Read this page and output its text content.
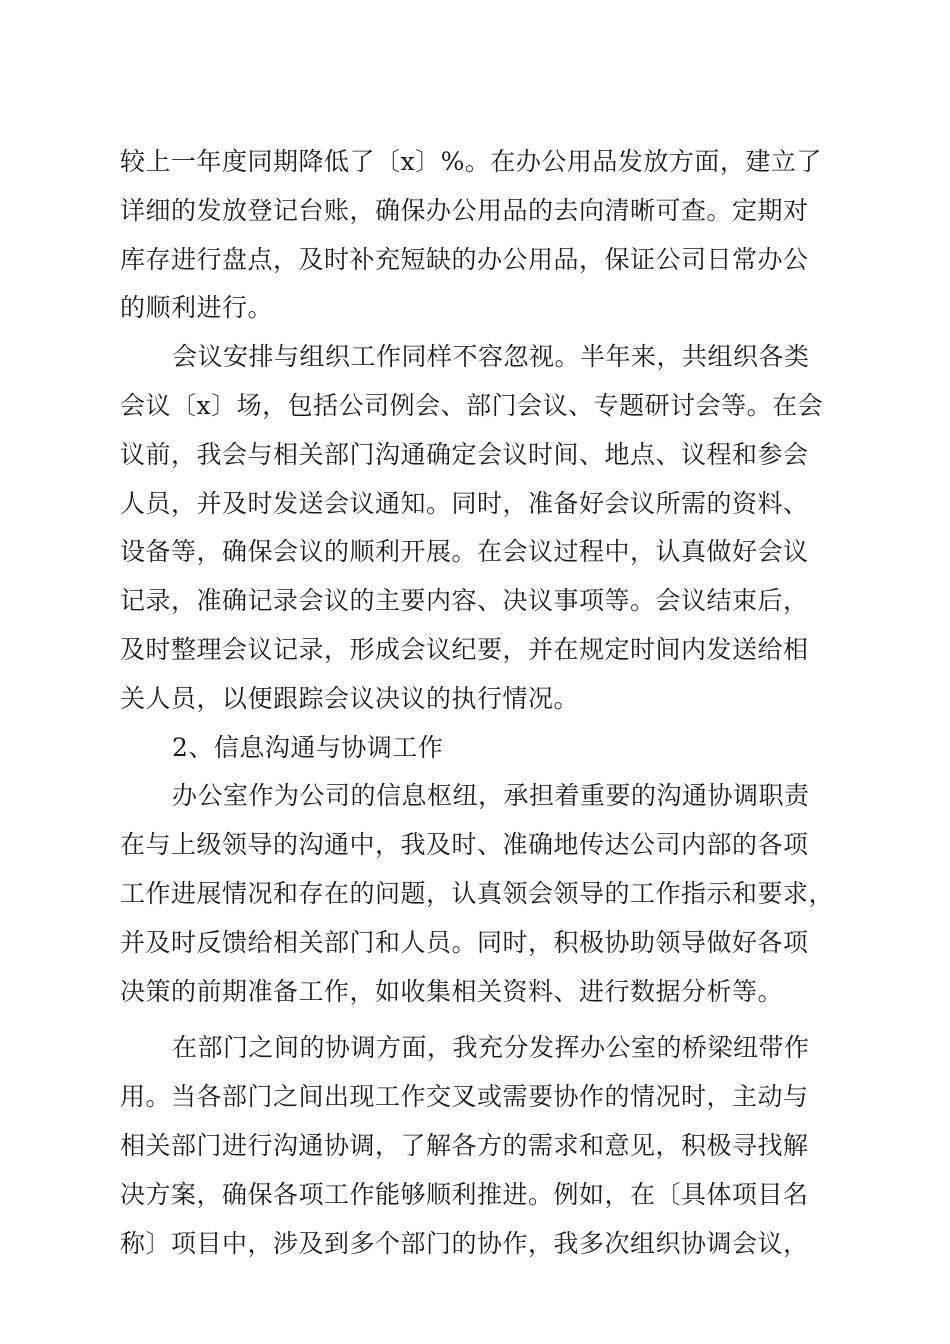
较上一年度同期降低了〔x〕%。在办公用品发放方面，建立了
详细的发放登记台账，确保办公用品的去向清晰可查。定期对
库存进行盘点，及时补充短缺的办公用品，保证公司日常办公
的顺利进行。
会议安排与组织工作同样不容忽视。半年来，共组织各类
会议〔x〕场，包括公司例会、部门会议、专题研讨会等。在会
议前，我会与相关部门沟通确定会议时间、地点、议程和参会
人员，并及时发送会议通知。同时，准备好会议所需的资料、
设备等，确保会议的顺利开展。在会议过程中，认真做好会议
记录，准确记录会议的主要内容、决议事项等。会议结束后，
及时整理会议记录，形成会议纪要，并在规定时间内发送给相
关人员，以便跟踪会议决议的执行情况。
2、信息沟通与协调工作
办公室作为公司的信息枢纽，承担着重要的沟通协调职责
在与上级领导的沟通中，我及时、准确地传达公司内部的各项
工作进展情况和存在的问题，认真领会领导的工作指示和要求，
并及时反馈给相关部门和人员。同时，积极协助领导做好各项
决策的前期准备工作，如收集相关资料、进行数据分析等。
在部门之间的协调方面，我充分发挥办公室的桥梁纽带作
用。当各部门之间出现工作交叉或需要协作的情况时，主动与
相关部门进行沟通协调，了解各方的需求和意见，积极寻找解
决方案，确保各项工作能够顺利推进。例如，在〔具体项目名
称〕项目中，涉及到多个部门的协作，我多次组织协调会议，
